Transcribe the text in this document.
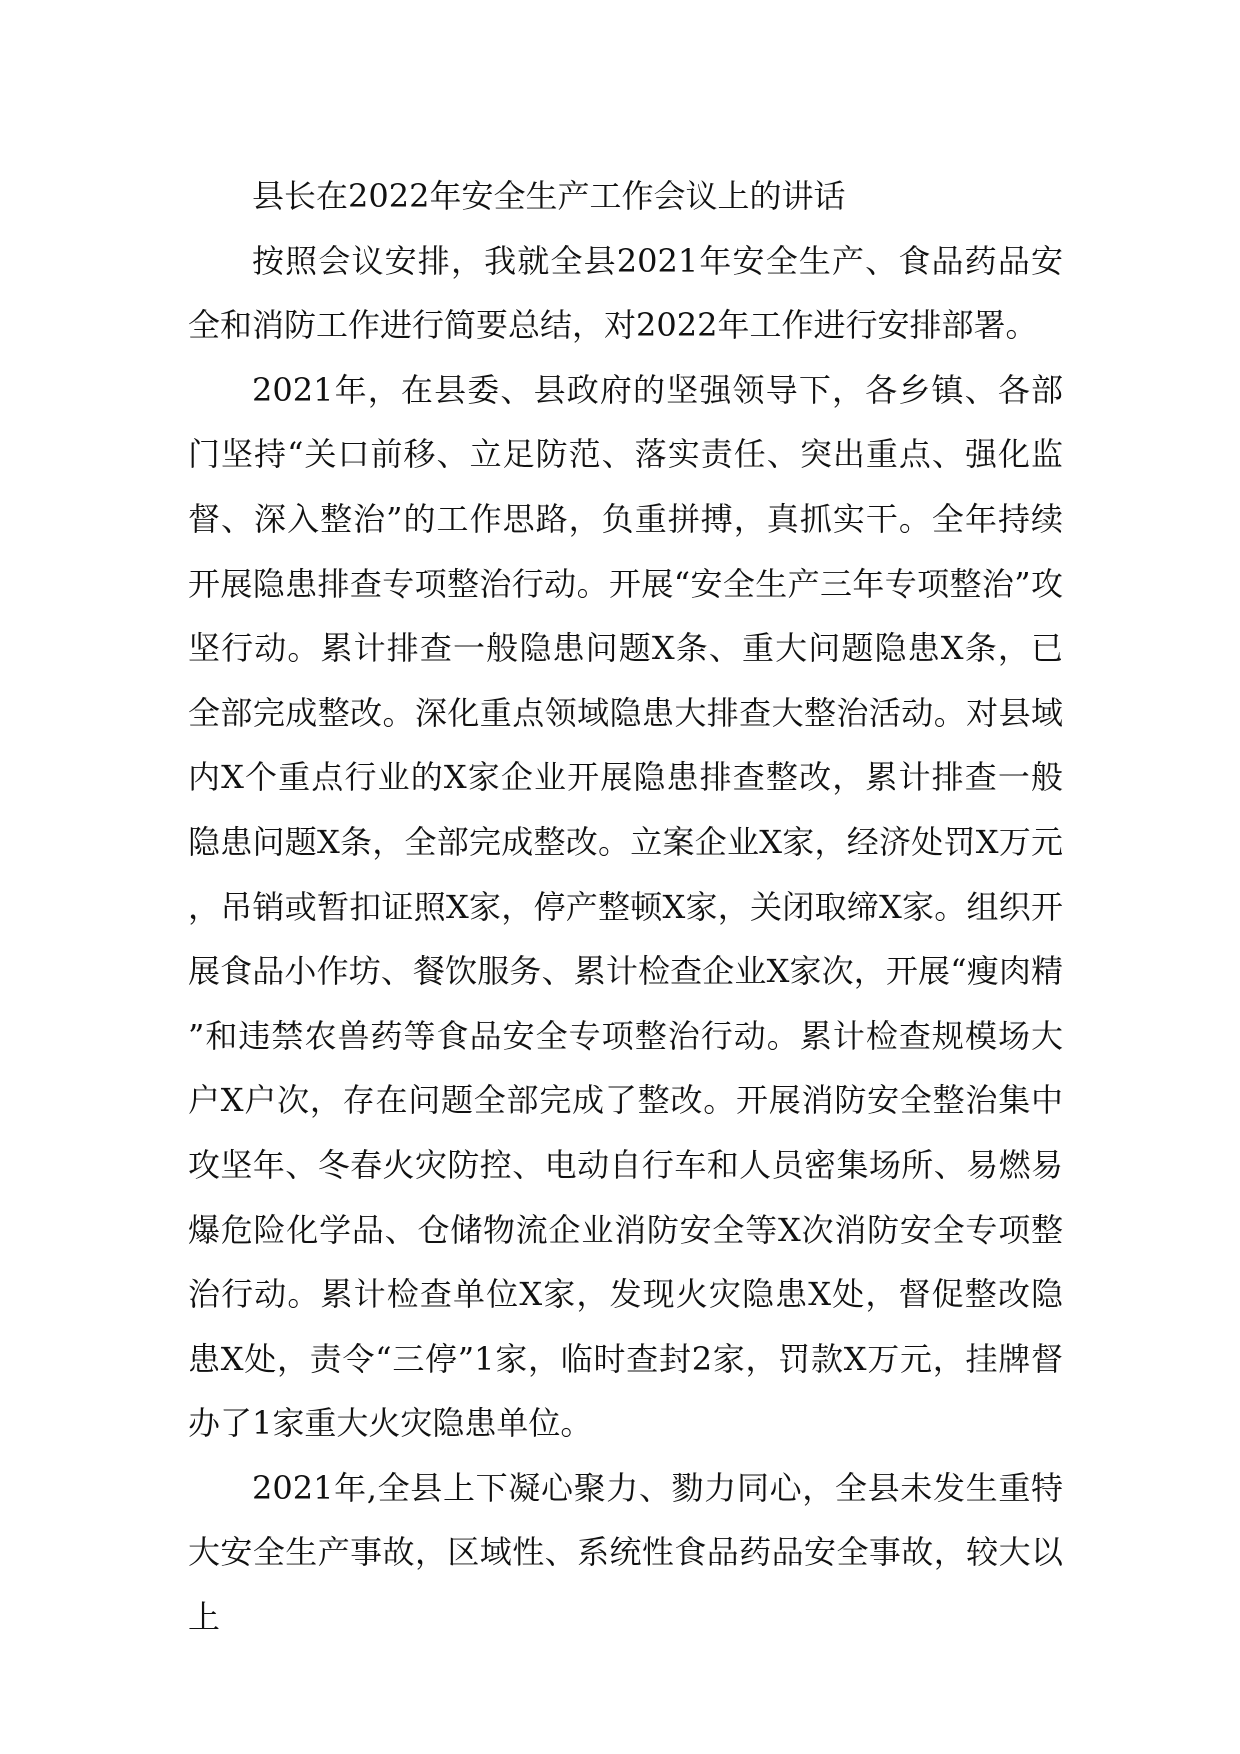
县长在2022年安全生产工作会议上的讲话

按照会议安排，我就全县2021年安全生产、食品药品安全和消防工作进行简要总结，对2022年工作进行安排部署。

2021年，在县委、县政府的坚强领导下，各乡镇、各部门坚持“关口前移、立足防范、落实责任、突出重点、强化监督、深入整治”的工作思路，负重拼搏，真抓实干。全年持续开展隐患排查专项整治行动。开展“安全生产三年专项整治”攻坚行动。累计排查一般隐患问题X条、重大问题隐患X条，已全部完成整改。深化重点领域隐患大排查大整治活动。对县域内X个重点行业的X家企业开展隐患排查整改，累计排查一般隐患问题X条，全部完成整改。立案企业X家，经济处罚X万元，吊销或暂扣证照X家，停产整顿X家，关闭取缔X家。组织开展食品小作坊、餐饮服务、累计检查企业X家次，开展“瘦肉精”和违禁农兽药等食品安全专项整治行动。累计检查规模场大户X户次，存在问题全部完成了整改。开展消防安全整治集中攻坚年、冬春火灾防控、电动自行车和人员密集场所、易燃易爆危险化学品、仓储物流企业消防安全等X次消防安全专项整治行动。累计检查单位X家，发现火灾隐患X处，督促整改隐患X处，责令“三停”1家，临时查封2家，罚款X万元，挂牌督办了1家重大火灾隐患单位。

2021年,全县上下凝心聚力、勠力同心，全县未发生重特大安全生产事故，区域性、系统性食品药品安全事故，较大以上
